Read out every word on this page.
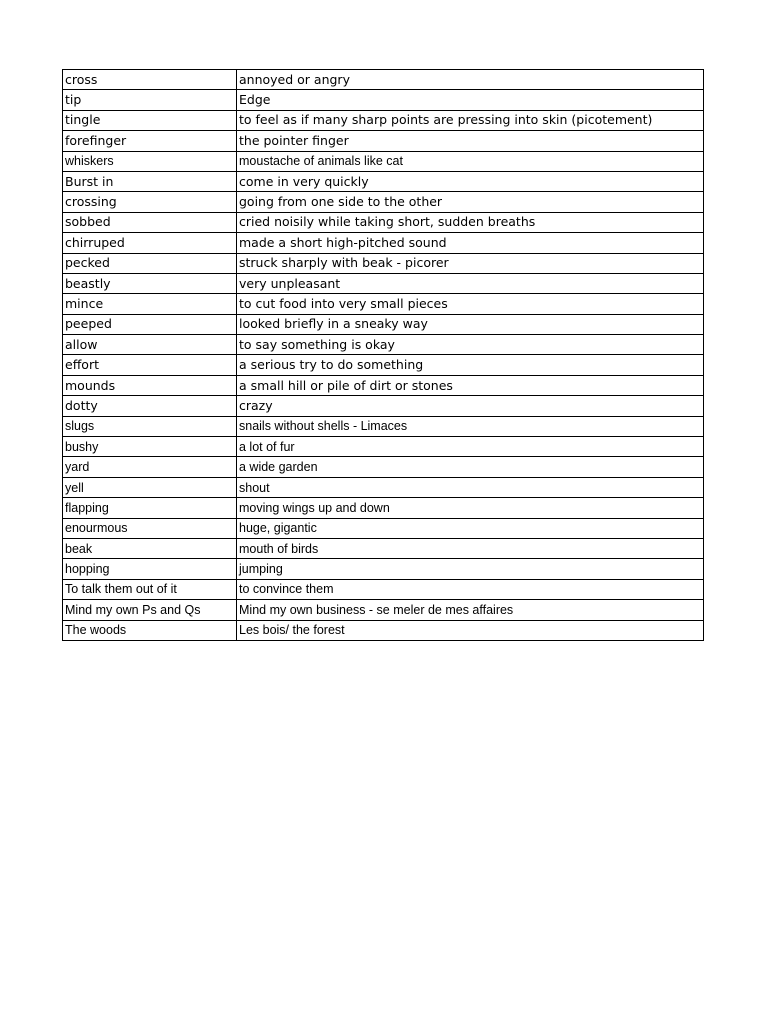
cross	annoyed or angry
tip	Edge
tingle	to feel as if many sharp points are pressing into skin (picotement)
forefinger	the pointer finger
whiskers	moustache of animals like cat
Burst in	come in very quickly
crossing	going from one side to the other
sobbed	cried noisily while taking short, sudden breaths
chirruped	made a short high-pitched sound
pecked	struck sharply with beak - picorer
beastly	very unpleasant
mince	to cut food into very small pieces
peeped	looked briefly in a sneaky way
allow	to say something is okay
effort	a serious try to do something
mounds	a small hill or pile of dirt or stones
dotty	crazy
slugs	snails without shells - Limaces
bushy	a lot of fur
yard	a wide garden
yell	shout
flapping	moving wings up and down
enourmous	huge, gigantic
beak	mouth of birds
hopping	jumping
To talk them out of it	to convince them
Mind my own Ps and Qs	Mind my own business - se meler de mes affaires
The woods	Les bois/ the forest
